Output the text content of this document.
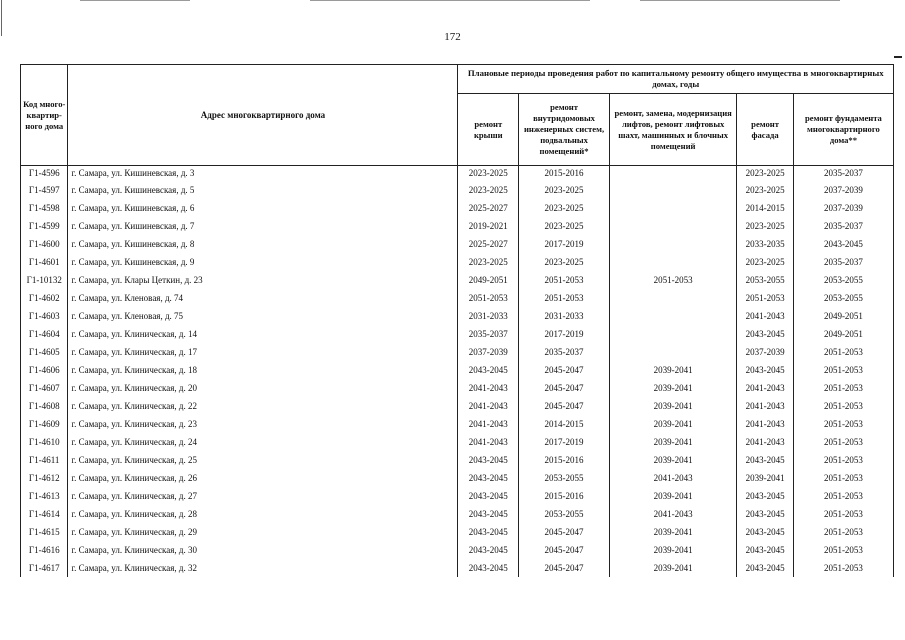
172
Код много-квартир-ного дома	Адрес многоквартирного дома	Плановые периоды проведения работ по капитальному ремонту общего имущества в многоквартирных домах, годы				
		ремонт крыши	ремонт внутридомовых инженерных систем, подвальных помещений*	ремонт, замена, модернизация лифтов, ремонт лифтовых шахт, машинных и блочных помещений	ремонт фасада	ремонт фундамента многоквартирного дома**
Г1-4596	г. Самара, ул. Кишиневская, д. 3	2023-2025	2015-2016		2023-2025	2035-2037
Г1-4597	г. Самара, ул. Кишиневская, д. 5	2023-2025	2023-2025		2023-2025	2037-2039
Г1-4598	г. Самара, ул. Кишиневская, д. 6	2025-2027	2023-2025		2014-2015	2037-2039
Г1-4599	г. Самара, ул. Кишиневская, д. 7	2019-2021	2023-2025		2023-2025	2035-2037
Г1-4600	г. Самара, ул. Кишиневская, д. 8	2025-2027	2017-2019		2033-2035	2043-2045
Г1-4601	г. Самара, ул. Кишиневская, д. 9	2023-2025	2023-2025		2023-2025	2035-2037
Г1-10132	г. Самара, ул. Клары Цеткин, д. 23	2049-2051	2051-2053	2051-2053	2053-2055	2053-2055
Г1-4602	г. Самара, ул. Кленовая, д. 74	2051-2053	2051-2053		2051-2053	2053-2055
Г1-4603	г. Самара, ул. Кленовая, д. 75	2031-2033	2031-2033		2041-2043	2049-2051
Г1-4604	г. Самара, ул. Клиническая, д. 14	2035-2037	2017-2019		2043-2045	2049-2051
Г1-4605	г. Самара, ул. Клиническая, д. 17	2037-2039	2035-2037		2037-2039	2051-2053
Г1-4606	г. Самара, ул. Клиническая, д. 18	2043-2045	2045-2047	2039-2041	2043-2045	2051-2053
Г1-4607	г. Самара, ул. Клиническая, д. 20	2041-2043	2045-2047	2039-2041	2041-2043	2051-2053
Г1-4608	г. Самара, ул. Клиническая, д. 22	2041-2043	2045-2047	2039-2041	2041-2043	2051-2053
Г1-4609	г. Самара, ул. Клиническая, д. 23	2041-2043	2014-2015	2039-2041	2041-2043	2051-2053
Г1-4610	г. Самара, ул. Клиническая, д. 24	2041-2043	2017-2019	2039-2041	2041-2043	2051-2053
Г1-4611	г. Самара, ул. Клиническая, д. 25	2043-2045	2015-2016	2039-2041	2043-2045	2051-2053
Г1-4612	г. Самара, ул. Клиническая, д. 26	2043-2045	2053-2055	2041-2043	2039-2041	2051-2053
Г1-4613	г. Самара, ул. Клиническая, д. 27	2043-2045	2015-2016	2039-2041	2043-2045	2051-2053
Г1-4614	г. Самара, ул. Клиническая, д. 28	2043-2045	2053-2055	2041-2043	2043-2045	2051-2053
Г1-4615	г. Самара, ул. Клиническая, д. 29	2043-2045	2045-2047	2039-2041	2043-2045	2051-2053
Г1-4616	г. Самара, ул. Клиническая, д. 30	2043-2045	2045-2047	2039-2041	2043-2045	2051-2053
Г1-4617	г. Самара, ул. Клиническая, д. 32	2043-2045	2045-2047	2039-2041	2043-2045	2051-2053
